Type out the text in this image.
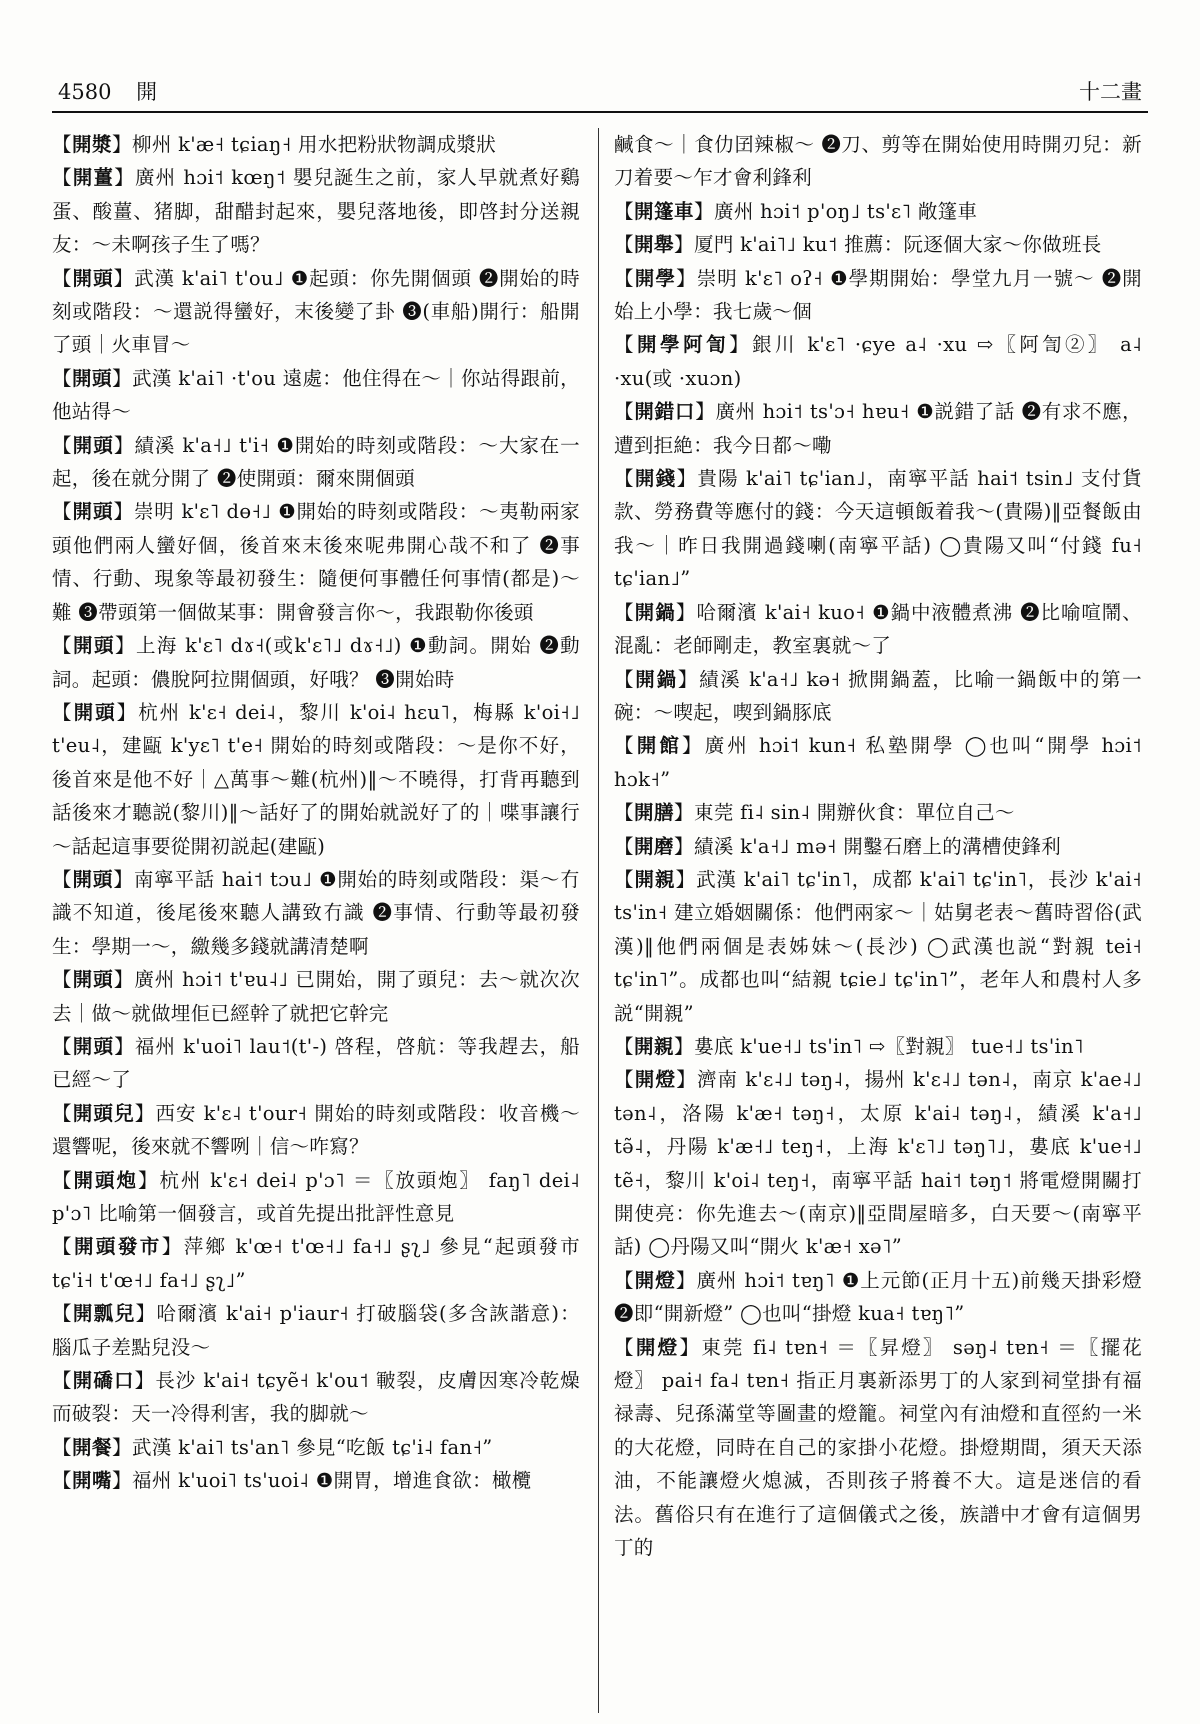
4580 開	十二畫
【 開漿 】 柳州 k'æ˧ tɕiaŋ˧ 用水把粉狀物調成漿狀
【 開薑 】 廣州 hɔi˦ kœŋ˦ 嬰兒誕生之前，家人早就煮好鷄蛋、酸薑、猪脚，甜醋封起來，嬰兒落地後，即啓封分送親友：～未啊孩子生了嗎？
【 開頭 】 武漢 k'ai˥ t'ou˩ ❶起頭：你先開個頭 ❷開始的時刻或階段：～還説得蠻好，末後變了卦 ❸(車船)開行：船開了頭｜火車冒～
【 開頭 】 武漢 k'ai˥ ·t'ou 遠處：他住得在～｜你站得跟前，他站得～
【 開頭 】 績溪 k'a˧˩ t'i˧ ❶開始的時刻或階段：～大家在一起，後在就分開了 ❷使開頭：爾來開個頭
【 開頭 】 崇明 k'ɛ˥ dɵ˧˩ ❶開始的時刻或階段：～夷勒兩家頭他們兩人蠻好個，後首來末後來呢弗開心哉不和了 ❷事情、行動、現象等最初發生：隨便何事體任何事情(都是)～難 ❸帶頭第一個做某事：開會發言你～，我跟勒你後頭
【 開頭 】 上海 k'ɛ˥ dɤ˧(或k'ɛ˥˩ dɤ˧˩) ❶動詞。開始 ❷動詞。起頭：儂脫阿拉開個頭，好哦？ ❸開始時
【 開頭 】 杭州 k'ɛ˧ dei˨，黎川 k'oi˨ hɛu˥，梅縣 k'oi˧˩ t'eu˨，建甌 k'yɛ˥ t'e˧ 開始的時刻或階段：～是你不好，後首來是他不好｜△萬事～難(杭州)‖～不曉得，打背再聽到話後來才聽説(黎川)‖～話好了的開始就説好了的｜喋事讓行～話起這事要從開初説起(建甌)
【 開頭 】 南寧平話 hai˦ tɔu˩ ❶開始的時刻或階段：渠～冇識不知道，後尾後來聽人講致冇識 ❷事情、行動等最初發生：學期一～，繳幾多錢就講清楚啊
【 開頭 】 廣州 hɔi˦ t'ɐu˨˩ 已開始，開了頭兒：去～就次次去｜做～就做埋佢已經幹了就把它幹完
【 開頭 】 福州 k'uoi˥ lau˦(t'-) 啓程，啓航：等我趕去，船已經～了
【 開頭兒 】 西安 k'ɛ˨ t'our˧ 開始的時刻或階段：收音機～還響呢，後來就不響咧｜信～咋寫？
【 開頭炮 】 杭州 k'ɛ˧ dei˨ p'ɔ˥ ＝〖放頭炮〗 faŋ˥ dei˨ p'ɔ˥ 比喻第一個發言，或首先提出批評性意見
【 開頭發市 】 萍鄉 k'œ˧ t'œ˧˩ fa˧˩ ʂʅ˩ 參見“起頭發市 tɕ'i˧ t'œ˧˩ fa˧˩ ʂʅ˩”
【 開瓢兒 】 哈爾濱 k'ai˧ p'iaur˧ 打破腦袋(多含詼諧意)：腦瓜子差點兒没～
【 開礄口 】 長沙 k'ai˧ tɕyẽ˧ k'ou˦ 皸裂，皮膚因寒冷乾燥而破裂：天一冷得利害，我的脚就～
【 開餐 】 武漢 k'ai˥ ts'an˥ 參見“吃飯 tɕ'i˨ fan˧”
【 開嘴 】 福州 k'uoi˥ ts'uoi˨ ❶開胃，增進食欲：橄欖
鹹食～｜食仂囝辣椒～ ❷刀、剪等在開始使用時開刃兒：新刀着要～乍才會利鋒利
【 開篷車 】 廣州 hɔi˦ p'oŋ˩ ts'ɛ˥ 敞篷車
【 開舉 】 厦門 k'ai˥˩ ku˦ 推薦：阮逐個大家～你做班長
【 開學 】 崇明 k'ɛ˥ oʔ˧ ❶學期開始：學堂九月一號～ ❷開始上小學：我七歲～個
【 開學阿訇 】 銀川 k'ɛ˥ ·ɕye a˨ ·xu ⇨〖阿訇②〗 a˨ ·xu(或 ·xuɔn)
【 開錯口 】 廣州 hɔi˦ ts'ɔ˧ hɐu˧ ❶説錯了話 ❷有求不應，遭到拒絶：我今日都～嘞
【 開錢 】 貴陽 k'ai˥ tɕ'ian˩，南寧平話 hai˦ tsin˩ 支付貨款、勞務費等應付的錢：今天這頓飯着我～(貴陽)‖亞餐飯由我～｜昨日我開過錢喇(南寧平話) ◯貴陽又叫“付錢 fu˧ tɕ'ian˩”
【 開鍋 】 哈爾濱 k'ai˧ kuo˧ ❶鍋中液體煮沸 ❷比喻喧鬧、混亂：老師剛走，教室裏就～了
【 開鍋 】 績溪 k'a˧˩ kə˧ 掀開鍋蓋，比喻一鍋飯中的第一碗：～喫起，喫到鍋豚底
【 開館 】 廣州 hɔi˦ kun˧ 私塾開學 ◯也叫“開學 hɔi˦ hɔk˧”
【 開膳 】 東莞 fi˨ sin˨ 開辦伙食：單位自己～
【 開磨 】 績溪 k'a˧˩ mə˧ 開鑿石磨上的溝槽使鋒利
【 開親 】 武漢 k'ai˥ tɕ'in˥，成都 k'ai˥ tɕ'in˥，長沙 k'ai˧ ts'in˧ 建立婚姻關係：他們兩家～｜姑舅老表～舊時習俗(武漢)‖他們兩個是表姊妹～(長沙) ◯武漢也説“對親 tei˧ tɕ'in˥”。成都也叫“結親 tɕie˩ tɕ'in˥”，老年人和農村人多説“開親”
【 開親 】 婁底 k'ue˧˩ ts'in˥ ⇨〖對親〗 tue˧˩ ts'in˥
【 開燈 】 濟南 k'ɛ˨˩ təŋ˨，揚州 k'ɛ˨˩ tən˨，南京 k'ae˨˩ tən˨，洛陽 k'æ˧ təŋ˧，太原 k'ai˨ təŋ˨，績溪 k'a˧˩ tə̃˨，丹陽 k'æ˧˩ teŋ˧，上海 k'ɛ˥˩ təŋ˥˩，婁底 k'ue˧˩ tẽ˧，黎川 k'oi˨ teŋ˧，南寧平話 hai˦ təŋ˦ 將電燈開關打開使亮：你先進去～(南京)‖亞間屋暗多，白天要～(南寧平話) ◯丹陽又叫“開火 k'æ˧ xə˥”
【 開燈 】 廣州 hɔi˦ tɐŋ˥ ❶上元節(正月十五)前幾天掛彩燈 ❷即“開新燈” ◯也叫“掛燈 kua˧ tɐŋ˥”
【 開燈 】 東莞 fi˨ tɐn˧ ＝〖昇燈〗 səŋ˨ tɐn˧ ＝〖擺花燈〗 pai˧ fa˨ tɐn˧ 指正月裏新添男丁的人家到祠堂掛有福禄壽、兒孫滿堂等圖畫的燈籠。祠堂內有油燈和直徑約一米的大花燈，同時在自己的家掛小花燈。掛燈期間，須天天添油，不能讓燈火熄滅，否則孩子將養不大。這是迷信的看法。舊俗只有在進行了這個儀式之後，族譜中才會有這個男丁的
